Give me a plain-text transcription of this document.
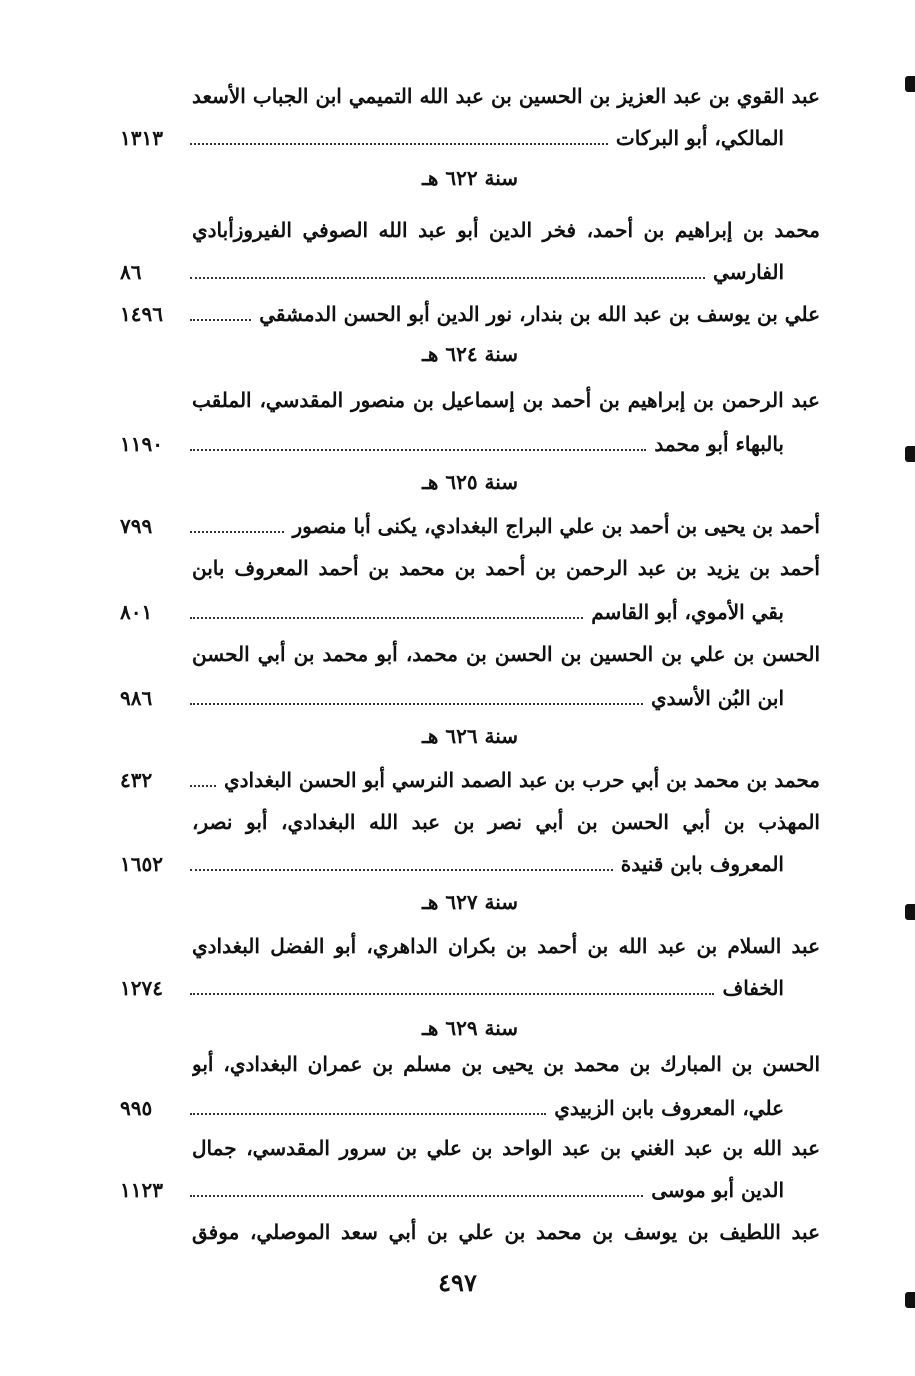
٤٩٧
عبد القوي بن عبد العزيز بن الحسين بن عبد الله التميمي ابن الجباب الأسعد
المالكي، أبو البركات
١٣١٣
سنة ٦٢٢ هـ
محمد بن إبراهيم بن أحمد، فخر الدين أبو عبد الله الصوفي الفيروزأبادي
الفارسي
٨٦
علي بن يوسف بن عبد الله بن بندار، نور الدين أبو الحسن الدمشقي
١٤٩٦
سنة ٦٢٤ هـ
عبد الرحمن بن إبراهيم بن أحمد بن إسماعيل بن منصور المقدسي، الملقب
بالبهاء أبو محمد
١١٩٠
سنة ٦٢٥ هـ
أحمد بن يحيى بن أحمد بن علي البراج البغدادي، يكنى أبا منصور
٧٩٩
أحمد بن يزيد بن عبد الرحمن بن أحمد بن محمد بن أحمد المعروف بابن
بقي الأموي، أبو القاسم
٨٠١
الحسن بن علي بن الحسين بن الحسن بن محمد، أبو محمد بن أبي الحسن
ابن البُن الأسدي
٩٨٦
سنة ٦٢٦ هـ
محمد بن محمد بن أبي حرب بن عبد الصمد النرسي أبو الحسن البغدادي
٤٣٢
المهذب بن أبي الحسن بن أبي نصر بن عبد الله البغدادي، أبو نصر،
المعروف بابن قنيدة
١٦٥٢
سنة ٦٢٧ هـ
عبد السلام بن عبد الله بن أحمد بن بكران الداهري، أبو الفضل البغدادي
الخفاف
١٢٧٤
سنة ٦٢٩ هـ
الحسن بن المبارك بن محمد بن يحيى بن مسلم بن عمران البغدادي، أبو
علي، المعروف بابن الزبيدي
٩٩٥
عبد الله بن عبد الغني بن عبد الواحد بن علي بن سرور المقدسي، جمال
الدين أبو موسى
١١٢٣
عبد اللطيف بن يوسف بن محمد بن علي بن أبي سعد الموصلي، موفق
